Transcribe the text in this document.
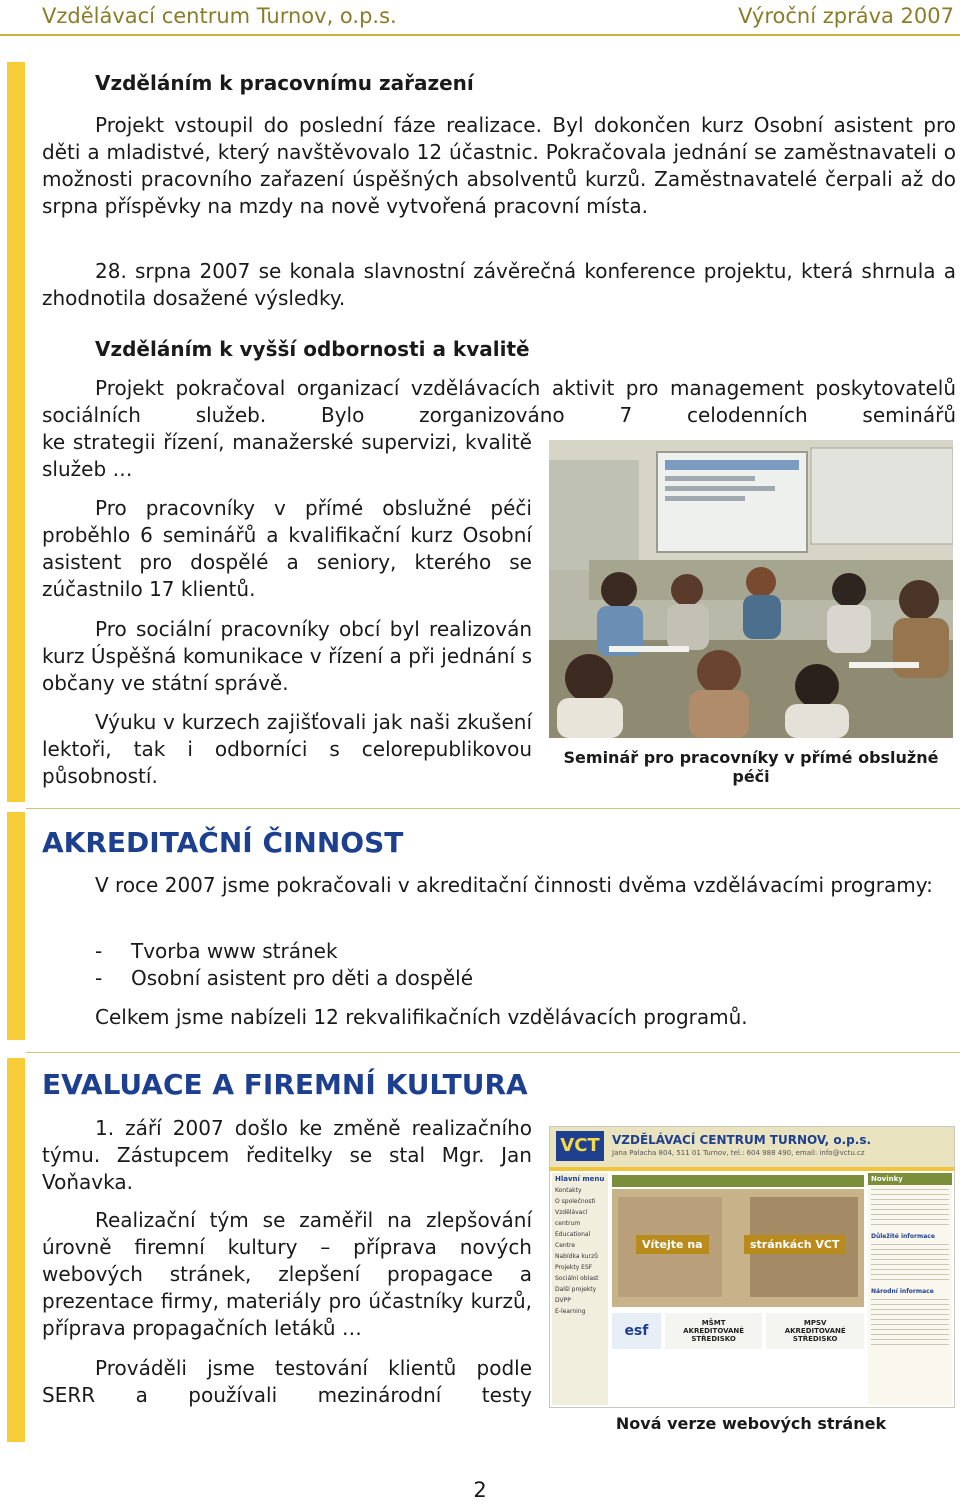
Vzdělávací centrum Turnov, o.p.s.	Výroční zpráva 2007

Vzděláním k pracovnímu zařazení

Projekt vstoupil do poslední fáze realizace. Byl dokončen kurz Osobní asistent pro děti a mladistvé, který navštěvovalo 12 účastnic. Pokračovala jednání se zaměstnavateli o možnosti pracovního zařazení úspěšných absolventů kurzů. Zaměstnavatelé čerpali až do srpna příspěvky na mzdy na nově vytvořená pracovní místa.

28. srpna 2007 se konala slavnostní závěrečná konference projektu, která shrnula a zhodnotila dosažené výsledky.

Vzděláním k vyšší odbornosti a kvalitě

Projekt pokračoval organizací vzdělávacích aktivit pro management poskytovatelů sociálních služeb. Bylo zorganizováno 7 celodenních seminářů

ke strategii řízení, manažerské supervizi, kvalitě služeb …

Pro pracovníky v přímé obslužné péči proběhlo 6 seminářů a kvalifikační kurz Osobní asistent pro dospělé a seniory, kterého se zúčastnilo 17 klientů.

Pro sociální pracovníky obcí byl realizován kurz Úspěšná komunikace v řízení a při jednání s občany ve státní správě.

Výuku v kurzech zajišťovali jak naši zkušení lektoři, tak i odborníci s celorepublikovou působností.

Seminář pro pracovníky v přímé obslužné péči

AKREDITAČNÍ ČINNOST

V roce 2007 jsme pokračovali v akreditační činnosti dvěma vzdělávacími programy:

- Tvorba www stránek
- Osobní asistent pro děti a dospělé

Celkem jsme nabízeli 12 rekvalifikačních vzdělávacích programů.

EVALUACE A FIREMNÍ KULTURA

1. září 2007 došlo ke změně realizačního týmu. Zástupcem ředitelky se stal Mgr. Jan Voňavka.

Realizační tým se zaměřil na zlepšování úrovně firemní kultury – příprava nových webových stránek, zlepšení propagace a prezentace firmy, materiály pro účastníky kurzů, příprava propagačních letáků …

Prováděli jsme testování klientů podle SERR a používali mezinárodní testy

VCT	VZDĚLÁVACÍ CENTRUM TURNOV, o.p.s.
Jana Palacha 804, 511 01 Turnov, tel.: 604 988 490, email: info@vctu.cz
Hlavní menu
Kontakty
O společnosti
Vzdělávací centrum
Educational Centre
Nabídka kurzů
Projekty ESF
Sociální oblast
Další projekty
DVPP
E-learning
Vítejte na	stránkách VCT
esf	MŠMT
AKREDITOVANÉ STŘEDISKO
MPSV
AKREDITOVANÉ STŘEDISKO
Novinky
Důležité informace
Národní informace

Nová verze webových stránek

2
